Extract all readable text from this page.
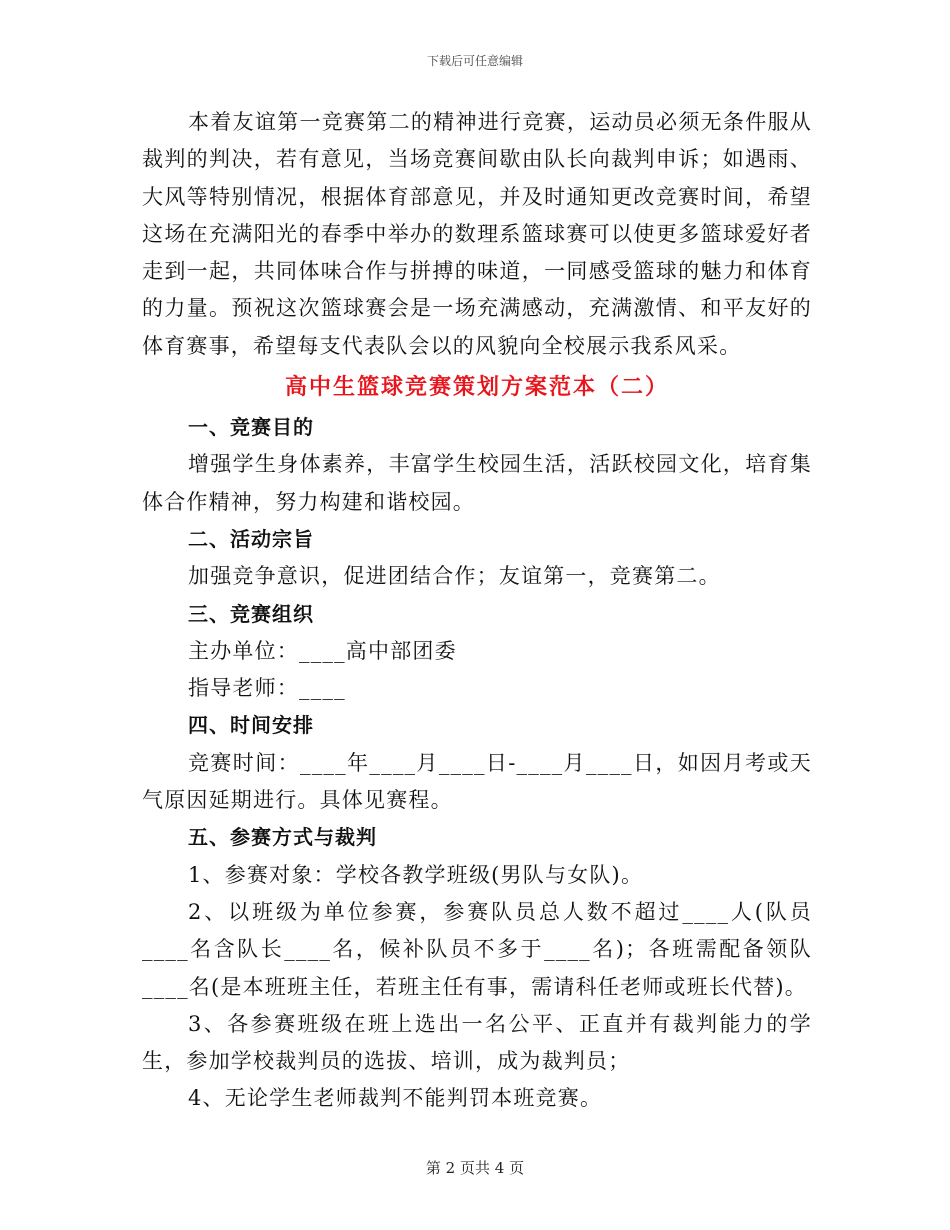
下载后可任意编辑

本着友谊第一竞赛第二的精神进行竞赛，运动员必须无条件服从裁判的判决，若有意见，当场竞赛间歇由队长向裁判申诉；如遇雨、大风等特别情况，根据体育部意见，并及时通知更改竞赛时间，希望这场在充满阳光的春季中举办的数理系篮球赛可以使更多篮球爱好者走到一起，共同体味合作与拼搏的味道，一同感受篮球的魅力和体育的力量。预祝这次篮球赛会是一场充满感动，充满激情、和平友好的体育赛事，希望每支代表队会以的风貌向全校展示我系风采。

高中生篮球竞赛策划方案范本（二）

一、竞赛目的

增强学生身体素养，丰富学生校园生活，活跃校园文化，培育集体合作精神，努力构建和谐校园。

二、活动宗旨

加强竞争意识，促进团结合作；友谊第一，竞赛第二。

三、竞赛组织

主办单位：____高中部团委

指导老师：____

四、时间安排

竞赛时间：____年____月____日-____月____日，如因月考或天气原因延期进行。具体见赛程。

五、参赛方式与裁判

1、参赛对象：学校各教学班级(男队与女队)。

2、以班级为单位参赛，参赛队员总人数不超过____人(队员____名含队长____名，候补队员不多于____名)；各班需配备领队____名(是本班班主任，若班主任有事，需请科任老师或班长代替)。

3、各参赛班级在班上选出一名公平、正直并有裁判能力的学生，参加学校裁判员的选拔、培训，成为裁判员；

4、无论学生老师裁判不能判罚本班竞赛。

第 2 页共 4 页
